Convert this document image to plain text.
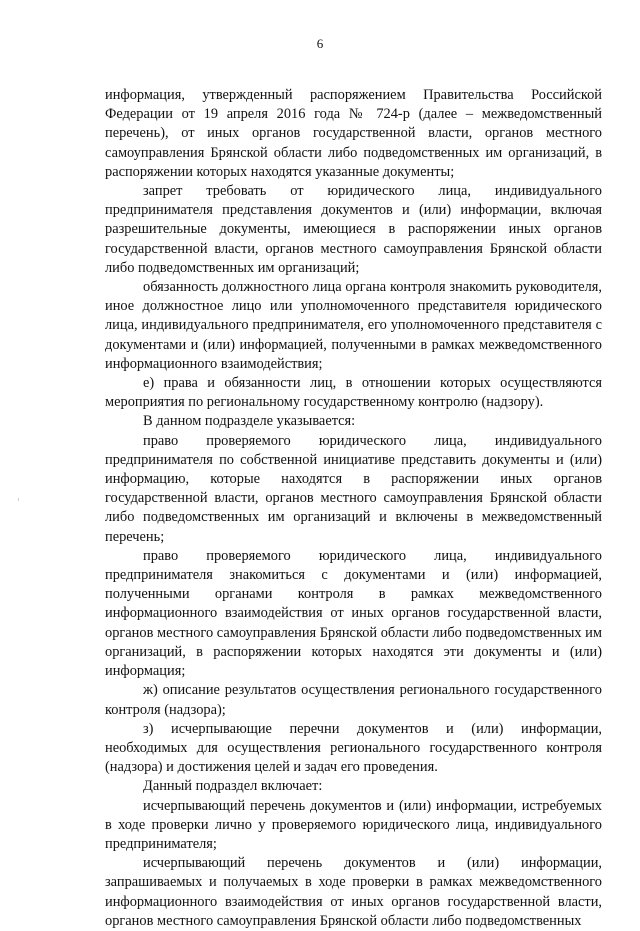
6

информация, утвержденный распоряжением Правительства Российской Федерации от 19 апреля 2016 года № 724-р (далее – межведомственный перечень), от иных органов государственной власти, органов местного самоуправления Брянской области либо подведомственных им организаций, в распоряжении которых находятся указанные документы;

запрет требовать от юридического лица, индивидуального предпринимателя представления документов и (или) информации, включая разрешительные документы, имеющиеся в распоряжении иных органов государственной власти, органов местного самоуправления Брянской области либо подведомственных им организаций;

обязанность должностного лица органа контроля знакомить руководителя, иное должностное лицо или уполномоченного представителя юридического лица, индивидуального предпринимателя, его уполномоченного представителя с документами и (или) информацией, полученными в рамках межведомственного информационного взаимодействия;

е) права и обязанности лиц, в отношении которых осуществляются мероприятия по региональному государственному контролю (надзору).

В данном подразделе указывается:

право проверяемого юридического лица, индивидуального предпринимателя по собственной инициативе представить документы и (или) информацию, которые находятся в распоряжении иных органов государственной власти, органов местного самоуправления Брянской области либо подведомственных им организаций и включены в межведомственный перечень;

право проверяемого юридического лица, индивидуального предпринимателя знакомиться с документами и (или) информацией, полученными органами контроля в рамках межведомственного информационного взаимодействия от иных органов государственной власти, органов местного самоуправления Брянской области либо подведомственных им организаций, в распоряжении которых находятся эти документы и (или) информация;

ж) описание результатов осуществления регионального государственного контроля (надзора);

з) исчерпывающие перечни документов и (или) информации, необходимых для осуществления регионального государственного контроля (надзора) и достижения целей и задач его проведения.

Данный подраздел включает:

исчерпывающий перечень документов и (или) информации, истребуемых в ходе проверки лично у проверяемого юридического лица, индивидуального предпринимателя;

исчерпывающий перечень документов и (или) информации, запрашиваемых и получаемых в ходе проверки в рамках межведомственного информационного взаимодействия от иных органов государственной власти, органов местного самоуправления Брянской области либо подведомственных
